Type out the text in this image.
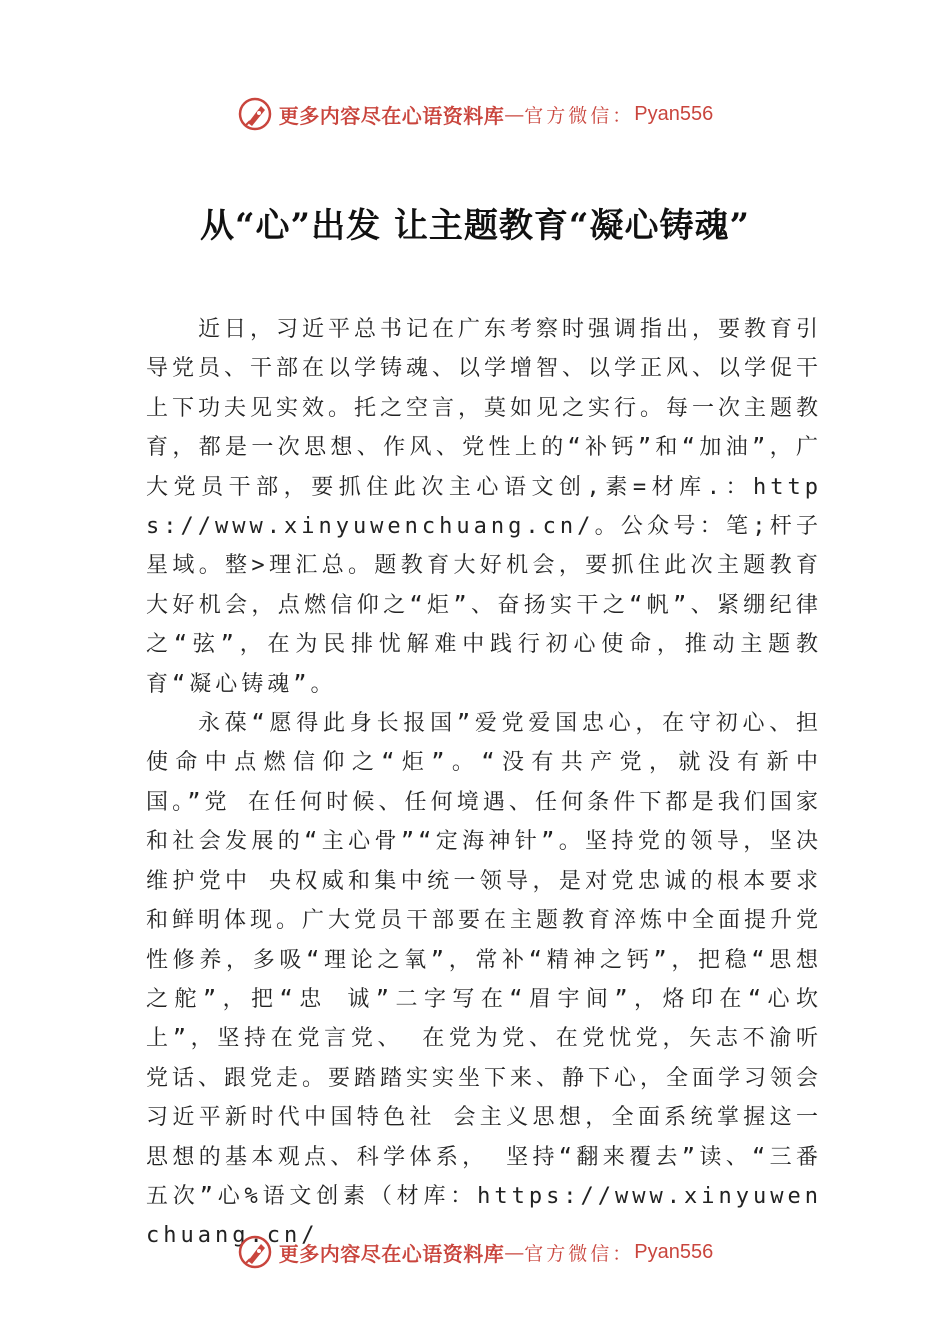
更多内容尽在心语资料库 — 官方微信： Pyan556
从“心”出发 让主题教育“凝心铸魂”

近日，习近平总书记在广东考察时强调指出，要教育引导党员、干部在以学铸魂、以学增智、以学正风、以学促干上下功夫见实效。托之空言，莫如见之实行。每一次主题教育，都是一次思想、作风、党性上的“补钙”和“加油”，广大党员干部，要抓住此次主心语文创,素=材库.：https://www.xinyuwenchuang.cn/。公众号：笔;杆子星域。整>理汇总。题教育大好机会，要抓住此次主题教育大好机会，点燃信仰之“炬”、奋扬实干之“帆”、紧绷纪律之“弦”，在为民排忧解难中践行初心使命，推动主题教育“凝心铸魂”。

永葆“愿得此身长报国”爱党爱国忠心，在守初心、担使命中点燃信仰之“炬”。“没有共产党，就没有新中国。”党 在任何时候、任何境遇、任何条件下都是我们国家和社会发展的“主心骨”“定海神针”。坚持党的领导，坚决维护党中 央权威和集中统一领导，是对党忠诚的根本要求和鲜明体现。广大党员干部要在主题教育淬炼中全面提升党性修养，多吸“理论之氧”，常补“精神之钙”，把稳“思想之舵”，把“忠 诚”二字写在“眉宇间”，烙印在“心坎上”，坚持在党言党、 在党为党、在党忧党，矢志不渝听党话、跟党走。要踏踏实实坐下来、静下心，全面学习领会习近平新时代中国特色社 会主义思想，全面系统掌握这一思想的基本观点、科学体系， 坚持“翻来覆去”读、“三番五次”心%语文创素（材库：https://www.xinyuwenchuang.cn/

更多内容尽在心语资料库 — 官方微信： Pyan556
